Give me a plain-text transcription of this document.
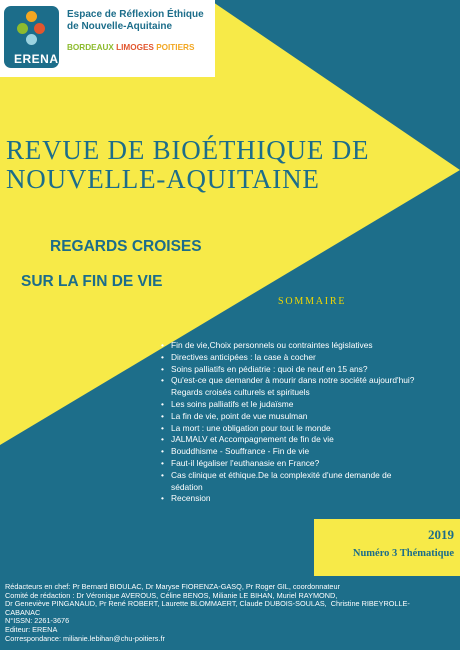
ERENA
Espace de Réflexion Éthique
de Nouvelle-Aquitaine
BORDEAUX LIMOGES POITIERS
REVUE DE BIOÉTHIQUE DE
NOUVELLE-AQUITAINE
REGARDS CROISES
SUR LA FIN DE VIE
SOMMAIRE
• Fin de vie,Choix personnels ou contraintes législatives
• Directives anticipées : la case à cocher
• Soins palliatifs en pédiatrie : quoi de neuf en 15 ans?
• Qu'est-ce que demander à mourir dans notre société aujourd'hui?
Regards croisés culturels et spirituels
• Les soins palliatifs et le judaïsme
• La fin de vie, point de vue musulman
• La mort : une obligation pour tout le monde
• JALMALV et Accompagnement de fin de vie
• Bouddhisme - Souffrance - Fin de vie
• Faut-il légaliser l'euthanasie en France?
• Cas clinique et éthique.De la complexité d'une demande de
sédation
• Recension
2019
Numéro 3 Thématique
Rédacteurs en chef: Pr Bernard BIOULAC, Dr Maryse FIORENZA-GASQ, Pr Roger GIL, coordonnateur
Comité de rédaction : Dr Véronique AVEROUS, Céline BENOS, Milianie LE BIHAN, Muriel RAYMOND,
Dr Geneviève PINGANAUD, Pr René ROBERT, Laurette BLOMMAERT, Claude DUBOIS-SOULAS,  Christine RIBEYROLLE-
CABANAC
N°ISSN: 2261-3676
Editeur: ERENA
Correspondance: milianie.lebihan@chu-poitiers.fr
